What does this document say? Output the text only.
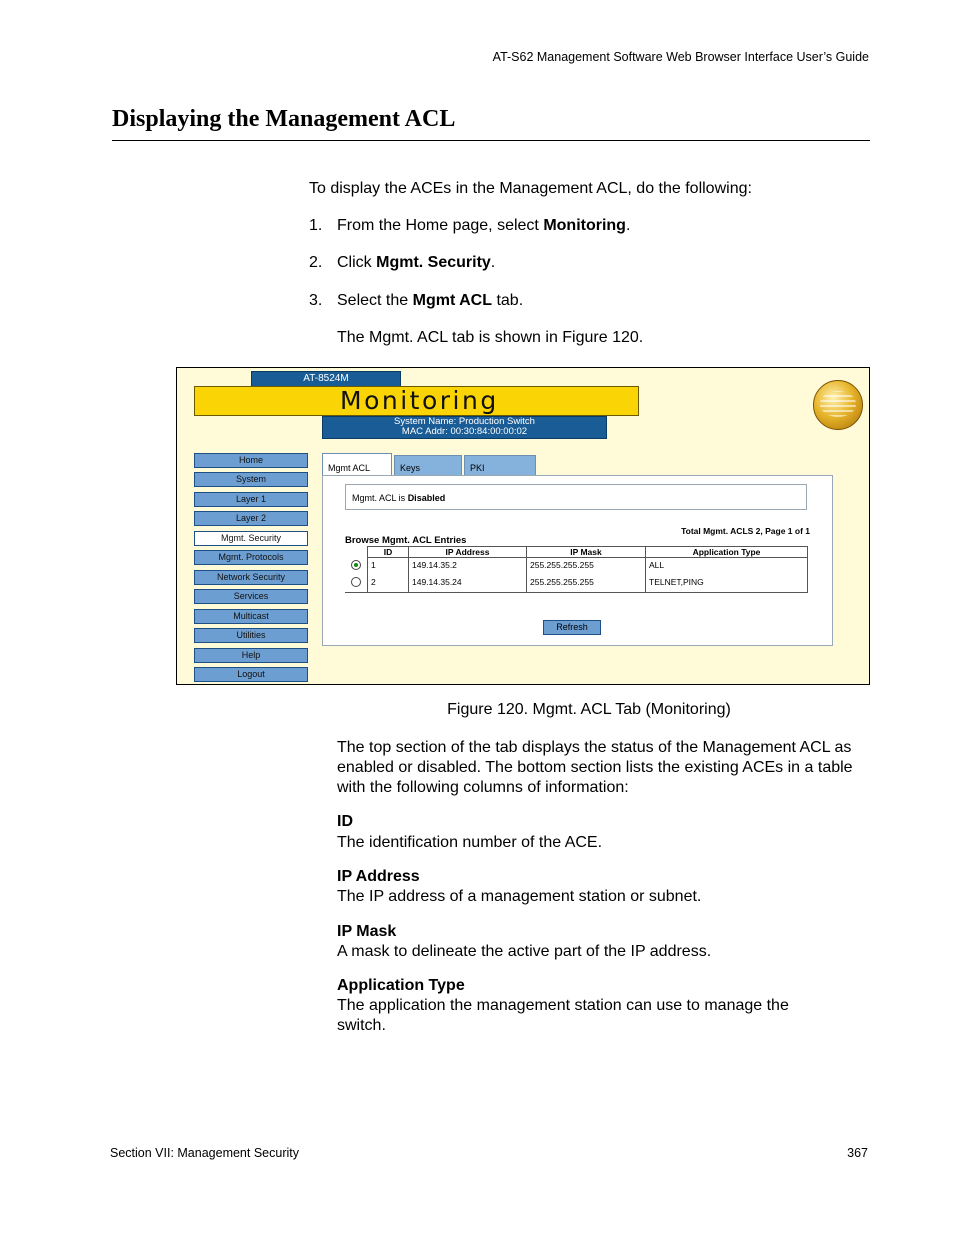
AT-S62 Management Software Web Browser Interface User’s Guide
Displaying the Management ACL

To display the ACEs in the Management ACL, do the following:

1. From the Home page, select Monitoring.

2. Click Mgmt. Security.

3. Select the Mgmt ACL tab.

The Mgmt. ACL tab is shown in Figure 120.

AT-8524M
Monitoring
System Name: Production Switch
MAC Addr: 00:30:84:00:00:02
Home
System
Layer 1
Layer 2
Mgmt. Security
Mgmt. Protocols
Network Security
Services
Multicast
Utilities
Help
Logout
Mgmt ACL	Keys	PKI
Mgmt. ACL is Disabled
Total Mgmt. ACLS 2, Page 1 of 1
Browse Mgmt. ACL Entries
	ID	IP Address	IP Mask	Application Type
	1	149.14.35.2	255.255.255.255	ALL
	2	149.14.35.24	255.255.255.255	TELNET,PING
Refresh
Figure 120. Mgmt. ACL Tab (Monitoring)

The top section of the tab displays the status of the Management ACL as enabled or disabled. The bottom section lists the existing ACEs in a table with the following columns of information:

ID

The identification number of the ACE.

IP Address

The IP address of a management station or subnet.

IP Mask

A mask to delineate the active part of the IP address.

Application Type

The application the management station can use to manage the switch.

Section VII: Management Security	367
